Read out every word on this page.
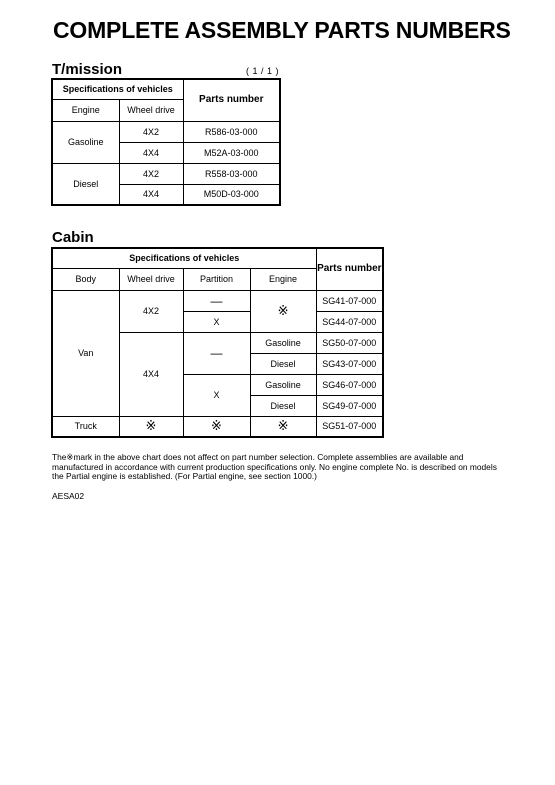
COMPLETE ASSEMBLY PARTS NUMBERS
T/mission	( 1 / 1 )
Specifications of vehicles		Parts number
Engine	Wheel drive	
Gasoline	4X2	R586-03-000
	4X4	M52A-03-000
Diesel	4X2	R558-03-000
	4X4	M50D-03-000
Cabin
Specifications of vehicles				Parts number
Body	Wheel drive	Partition	Engine	
Van	4X2	—	※	SG41-07-000
		X		SG44-07-000
	4X4	—	Gasoline	SG50-07-000
			Diesel	SG43-07-000
		X	Gasoline	SG46-07-000
			Diesel	SG49-07-000
Truck	※	※	※	SG51-07-000
The※mark in the above chart does not affect on part number selection. Complete assemblies are available and manufactured in accordance with current production specifications only. No engine complete No. is described on models the Partial engine is established. (For Partial engine, see section 1000.)
AESA02
